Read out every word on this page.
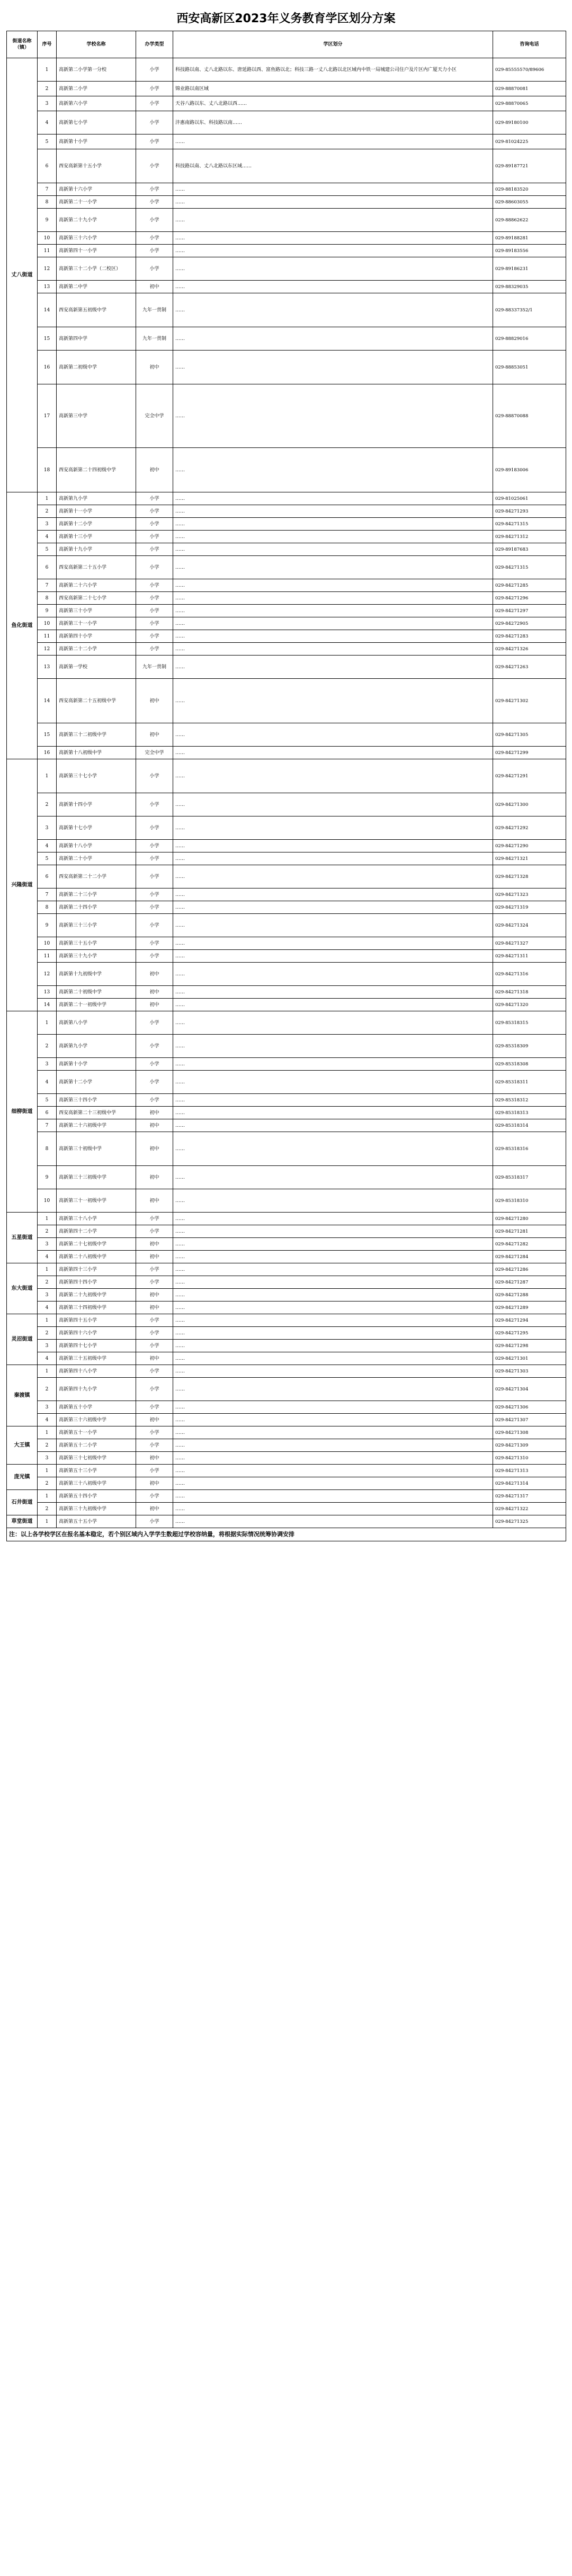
西安高新区2023年义务教育学区划分方案
街道名称（镇）	序号	学校名称	办学类型	学区划分	咨询电话
丈八街道	1	高新第二小学第一分校	小学	科技路以南、丈八北路以东、唐延路以西、富鱼路以北；科技三路一丈八北路以北区域内中铁一局城建公司住户及片区内广厦天力小区	029-85555570/89606
	2	高新第二小学	小学	锦业路以南区域	029-88870081
	3	高新第六小学	小学	天谷八路以东、丈八北路以西……	029-88870065
	4	高新第七小学	小学	沣惠南路以东、科技路以南……	029-89180100
	5	高新第十小学	小学	……	029-81024225
	6	西安高新第十五小学	小学	科技路以南、丈八北路以东区域……	029-89187721
	7	高新第十六小学	小学	……	029-88183520
	8	高新第二十一小学	小学	……	029-88603055
	9	高新第二十九小学	小学	……	029-88862622
	10	高新第三十六小学	小学	……	029-89188281
	11	高新第四十一小学	小学	……	029-89183556
	12	高新第三十二小学（二校区）	小学	……	029-89186231
	13	高新第二中学	初中	……	029-88329035
	14	西安高新第五初级中学	九年一贯制	……	029-88337352/1
	15	高新第四中学	九年一贯制	……	029-88829016
	16	高新第二初级中学	初中	……	029-88853051
	17	高新第三中学	完全中学	……	029-88870088
	18	西安高新第二十四初级中学	初中	……	029-89183006
鱼化街道	1	高新第九小学	小学	……	029-81025061
	2	高新第十一小学	小学	……	029-84271293
	3	高新第十二小学	小学	……	029-84271315
	4	高新第十三小学	小学	……	029-84271312
	5	高新第十九小学	小学	……	029-89187683
	6	西安高新第二十五小学	小学	……	029-84271315
	7	高新第二十六小学	小学	……	029-84271285
	8	西安高新第二十七小学	小学	……	029-84271296
	9	高新第三十小学	小学	……	029-84271297
	10	高新第三十一小学	小学	……	029-84272905
	11	高新第四十小学	小学	……	029-84271283
	12	高新第二十二小学	小学	……	029-84271326
	13	高新第一学校	九年一贯制	……	029-84271263
	14	西安高新第二十五初级中学	初中	……	029-84271302
	15	高新第三十二初级中学	初中	……	029-84271305
	16	高新第十八初级中学	完全中学	……	029-84271299
兴隆街道	1	高新第三十七小学	小学	……	029-84271291
	2	高新第十四小学	小学	……	029-84271300
	3	高新第十七小学	小学	……	029-84271292
	4	高新第十八小学	小学	……	029-84271290
	5	高新第二十小学	小学	……	029-84271321
	6	西安高新第二十二小学	小学	……	029-84271328
	7	高新第二十三小学	小学	……	029-84271323
	8	高新第二十四小学	小学	……	029-84271319
	9	高新第三十三小学	小学	……	029-84271324
	10	高新第三十五小学	小学	……	029-84271327
	11	高新第三十九小学	小学	……	029-84271311
	12	高新第十九初级中学	初中	……	029-84271316
	13	高新第二十初级中学	初中	……	029-84271318
	14	高新第二十一初级中学	初中	……	029-84271320
细柳街道	1	高新第八小学	小学	……	029-85318315
	2	高新第九小学	小学	……	029-85318309
	3	高新第十小学	小学	……	029-85318308
	4	高新第十二小学	小学	……	029-85318311
	5	高新第三十四小学	小学	……	029-85318312
	6	西安高新第二十三初级中学	初中	……	029-85318313
	7	高新第二十六初级中学	初中	……	029-85318314
	8	高新第三十初级中学	初中	……	029-85318316
	9	高新第三十三初级中学	初中	……	029-85318317
	10	高新第三十一初级中学	初中	……	029-85318310
五星街道	1	高新第三十八小学	小学	……	029-84271280
	2	高新第四十二小学	小学	……	029-84271281
	3	高新第二十七初级中学	初中	……	029-84271282
	4	高新第二十八初级中学	初中	……	029-84271284
东大街道	1	高新第四十三小学	小学	……	029-84271286
	2	高新第四十四小学	小学	……	029-84271287
	3	高新第二十九初级中学	初中	……	029-84271288
	4	高新第三十四初级中学	初中	……	029-84271289
灵沼街道	1	高新第四十五小学	小学	……	029-84271294
	2	高新第四十六小学	小学	……	029-84271295
	3	高新第四十七小学	小学	……	029-84271298
	4	高新第三十五初级中学	初中	……	029-84271301
秦渡镇	1	高新第四十八小学	小学	……	029-84271303
	2	高新第四十九小学	小学	……	029-84271304
	3	高新第五十小学	小学	……	029-84271306
	4	高新第三十六初级中学	初中	……	029-84271307
大王镇	1	高新第五十一小学	小学	……	029-84271308
	2	高新第五十二小学	小学	……	029-84271309
	3	高新第三十七初级中学	初中	……	029-84271310
庞光镇	1	高新第五十三小学	小学	……	029-84271313
	2	高新第三十八初级中学	初中	……	029-84271314
石井街道	1	高新第五十四小学	小学	……	029-84271317
	2	高新第三十九初级中学	初中	……	029-84271322
草堂街道	1	高新第五十五小学	小学	……	029-84271325
注：以上各学校学区在报名基本稳定，若个别区域内入学学生数超过学校容纳量，将根据实际情况统筹协调安排					
